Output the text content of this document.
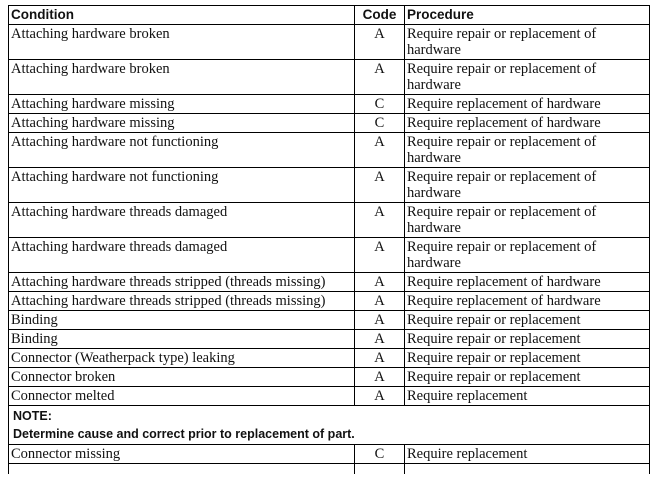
Condition	Code	Procedure
Attaching hardware broken	A	Require repair or replacement of hardware
Attaching hardware broken	A	Require repair or replacement of hardware
Attaching hardware missing	C	Require replacement of hardware
Attaching hardware missing	C	Require replacement of hardware
Attaching hardware not functioning	A	Require repair or replacement of hardware
Attaching hardware not functioning	A	Require repair or replacement of hardware
Attaching hardware threads damaged	A	Require repair or replacement of hardware
Attaching hardware threads damaged	A	Require repair or replacement of hardware
Attaching hardware threads stripped (threads missing)	A	Require replacement of hardware
Attaching hardware threads stripped (threads missing)	A	Require replacement of hardware
Binding	A	Require repair or replacement
Binding	A	Require repair or replacement
Connector (Weatherpack type) leaking	A	Require repair or replacement
Connector broken	A	Require repair or replacement
Connector melted	A	Require replacement

NOTE:
Determine cause and correct prior to replacement of part.		

Connector missing	C	Require replacement
